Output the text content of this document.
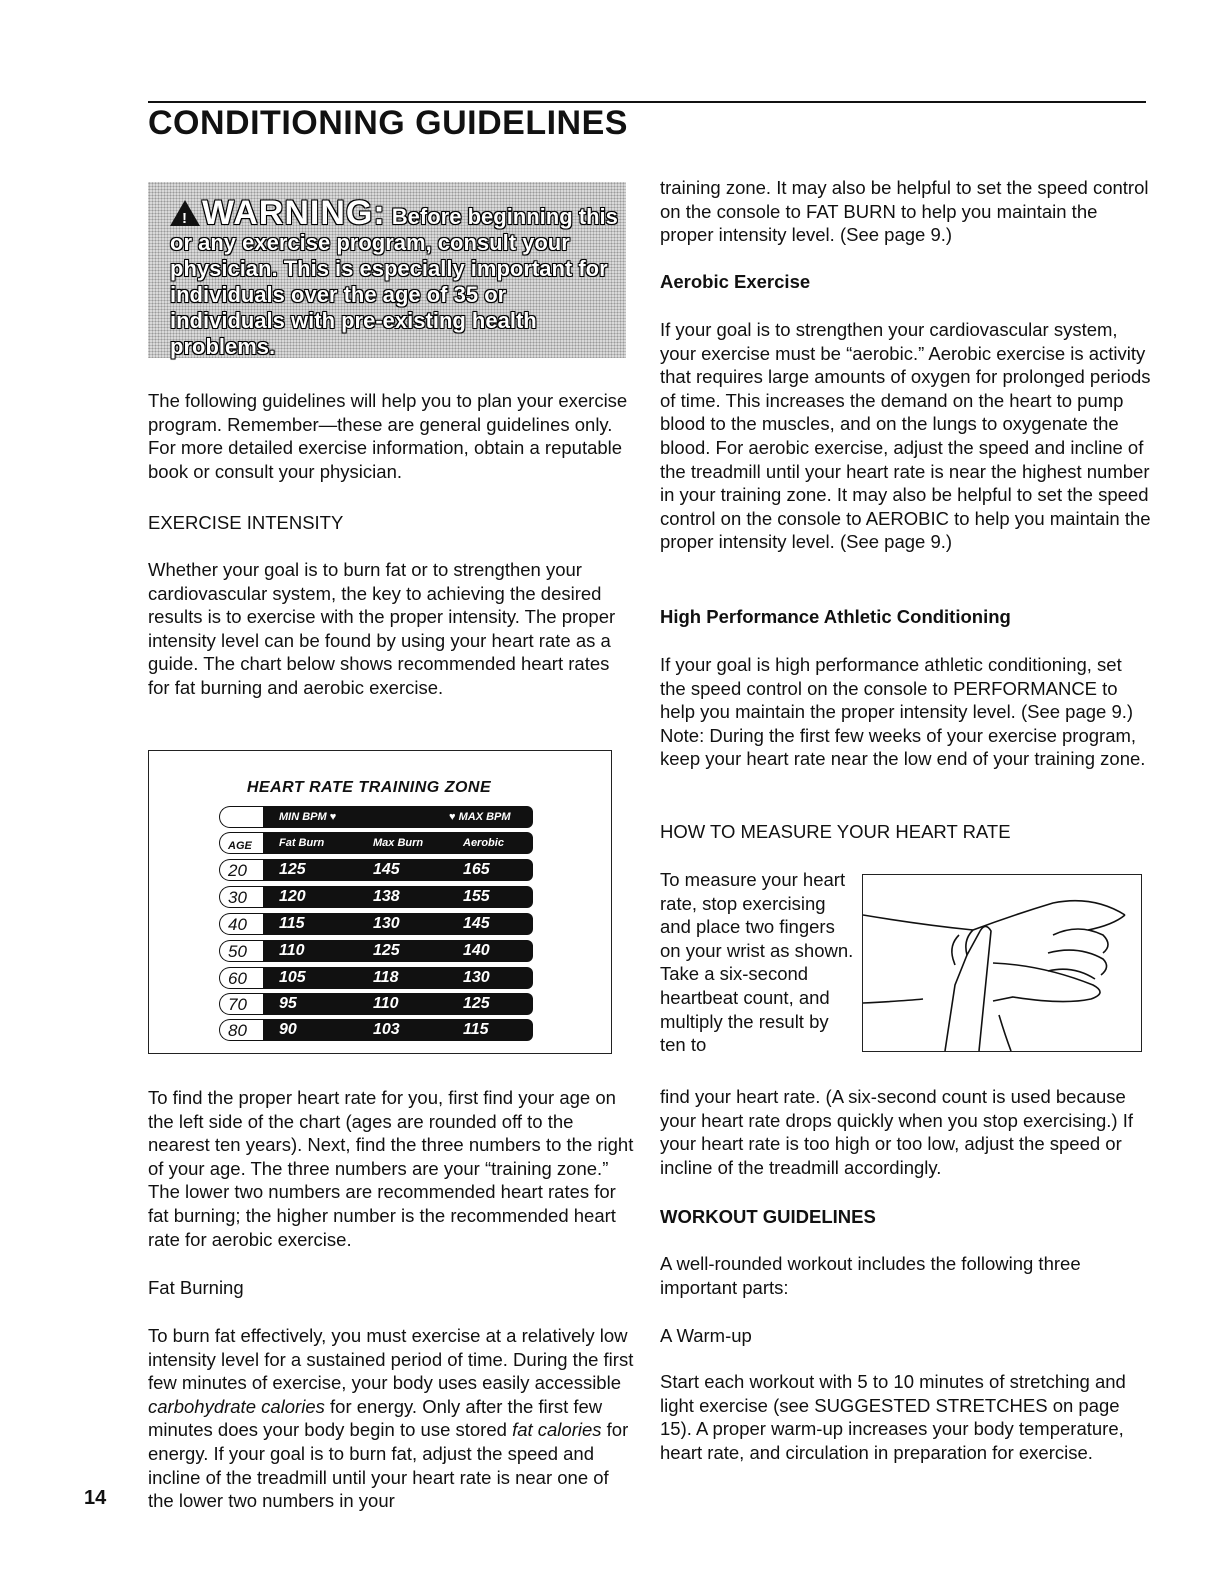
CONDITIONING GUIDELINES
!WARNING: Before beginning this or any exercise program, consult your physician. This is especially important for individuals over the age of 35 or individuals with pre-existing health problems.

The following guidelines will help you to plan your exercise program. Remember—these are general guidelines only. For more detailed exercise information, obtain a reputable book or consult your physician.

EXERCISE INTENSITY

Whether your goal is to burn fat or to strengthen your cardiovascular system, the key to achieving the desired results is to exercise with the proper intensity. The proper intensity level can be found by using your heart rate as a guide. The chart below shows recommended heart rates for fat burning and aerobic exercise.

HEART RATE TRAINING ZONE
MIN BPM ♥	♥ MAX BPM
AGE	Fat Burn	Max Burn	Aerobic
20	125	145	165
30	120	138	155
40	115	130	145
50	110	125	140
60	105	118	130
70	95	110	125
80	90	103	115

To find the proper heart rate for you, first find your age on the left side of the chart (ages are rounded off to the nearest ten years). Next, find the three numbers to the right of your age. The three numbers are your “training zone.” The lower two numbers are recommended heart rates for fat burning; the higher number is the recommended heart rate for aerobic exercise.

Fat Burning

To burn fat effectively, you must exercise at a relatively low intensity level for a sustained period of time. During the first few minutes of exercise, your body uses easily accessible carbohydrate calories for energy. Only after the first few minutes does your body begin to use stored fat calories for energy. If your goal is to burn fat, adjust the speed and incline of the treadmill until your heart rate is near one of the lower two numbers in your

training zone. It may also be helpful to set the speed control on the console to FAT BURN to help you maintain the proper intensity level. (See page 9.)

Aerobic Exercise

If your goal is to strengthen your cardiovascular system, your exercise must be “aerobic.” Aerobic exercise is activity that requires large amounts of oxygen for prolonged periods of time. This increases the demand on the heart to pump blood to the muscles, and on the lungs to oxygenate the blood. For aerobic exercise, adjust the speed and incline of the treadmill until your heart rate is near the highest number in your training zone. It may also be helpful to set the speed control on the console to AEROBIC to help you maintain the proper intensity level. (See page 9.)

High Performance Athletic Conditioning

If your goal is high performance athletic conditioning, set the speed control on the console to PERFORMANCE to help you maintain the proper intensity level. (See page 9.) Note: During the first few weeks of your exercise program, keep your heart rate near the low end of your training zone.

HOW TO MEASURE YOUR HEART RATE

To measure your heart rate, stop exercising and place two fingers on your wrist as shown. Take a six-second heartbeat count, and multiply the result by ten to

find your heart rate. (A six-second count is used because your heart rate drops quickly when you stop exercising.) If your heart rate is too high or too low, adjust the speed or incline of the treadmill accordingly.

WORKOUT GUIDELINES

A well-rounded workout includes the following three important parts:

A Warm-up

Start each workout with 5 to 10 minutes of stretching and light exercise (see SUGGESTED STRETCHES on page 15). A proper warm-up increases your body temperature, heart rate, and circulation in preparation for exercise.

14
